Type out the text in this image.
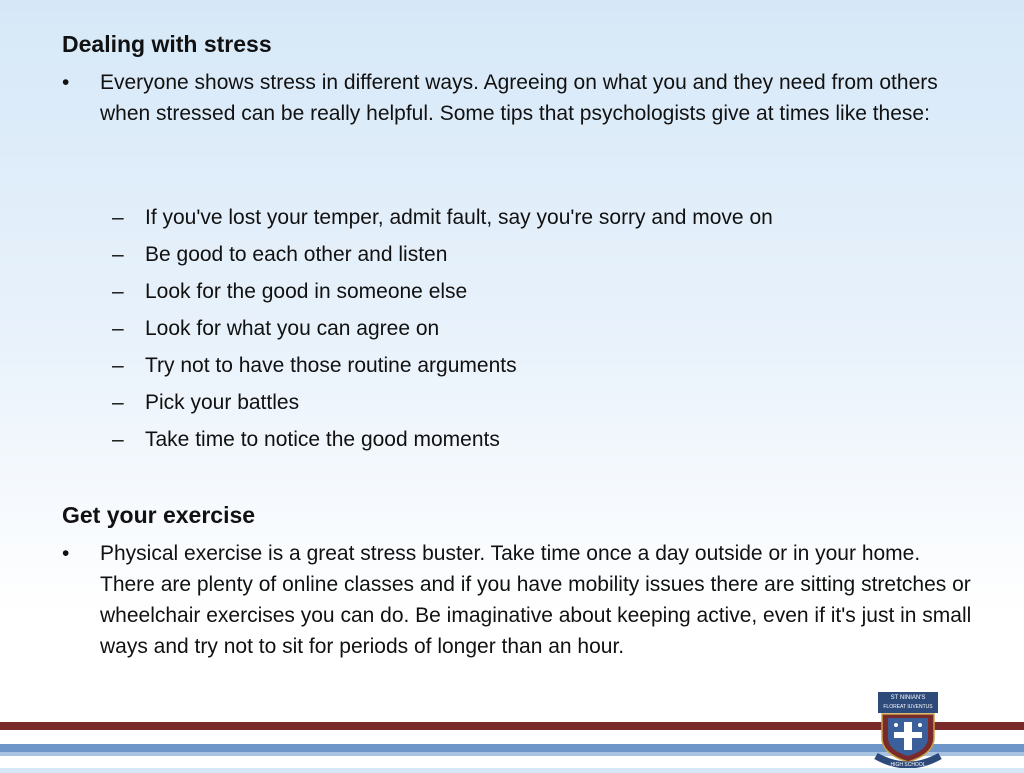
Dealing with stress
•	Everyone shows stress in different ways. Agreeing on what you and they need from others when stressed can be really helpful. Some tips that psychologists give at times like these:
– If you've lost your temper, admit fault, say you're sorry and move on
– Be good to each other and listen
– Look for the good in someone else
– Look for what you can agree on
– Try not to have those routine arguments
– Pick your battles
– Take time to notice the good moments
Get your exercise
•	Physical exercise is a great stress buster. Take time once a day outside or in your home. There are plenty of online classes and if you have mobility issues there are sitting stretches or wheelchair exercises you can do. Be imaginative about keeping active, even if it's just in small ways and try not to sit for periods of longer than an hour.
ST NINIAN'S
FLOREAT IUVENTUS
HIGH SCHOOL
